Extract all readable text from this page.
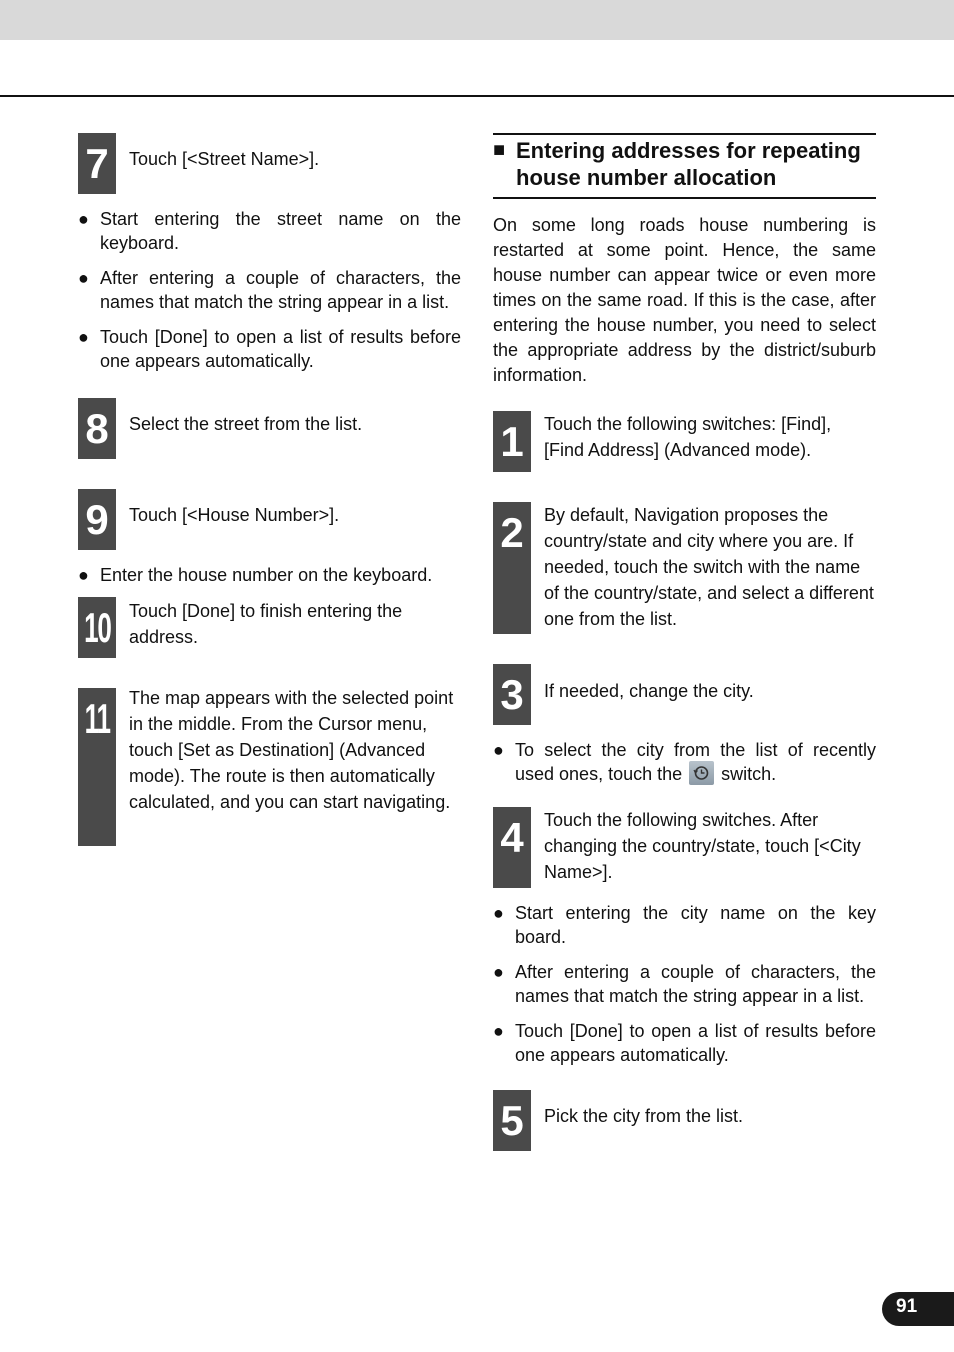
7	Touch [<Street Name>].
● Start entering the street name on the keyboard.
● After entering a couple of characters, the names that match the string appear in a list.
● Touch [Done] to open a list of results before one appears automatically.
8	Select the street from the list.
9	Touch [<House Number>].
● Enter the house number on the keyboard.
10	Touch [Done] to finish entering the address.
11	The map appears with the selected point in the middle. From the Cursor menu, touch [Set as Destination] (Advanced mode). The route is then automatically calculated, and you can start navigating.
■ Entering addresses for repeating house number allocation
On some long roads house numbering is restarted at some point. Hence, the same house number can appear twice or even more times on the same road. If this is the case, after entering the house number, you need to select the appropriate address by the district/suburb information.
1	Touch the following switches: [Find], [Find Address] (Advanced mode).
2	By default, Navigation proposes the country/state and city where you are. If needed, touch the switch with the name of the country/state, and select a different one from the list.
3	If needed, change the city.
● To select the city from the list of recently used ones, touch the switch.
4	Touch the following switches. After changing the country/state, touch [<City Name>].
● Start entering the city name on the key board.
● After entering a couple of characters, the names that match the string appear in a list.
● Touch [Done] to open a list of results before one appears automatically.
5	Pick the city from the list.
91
